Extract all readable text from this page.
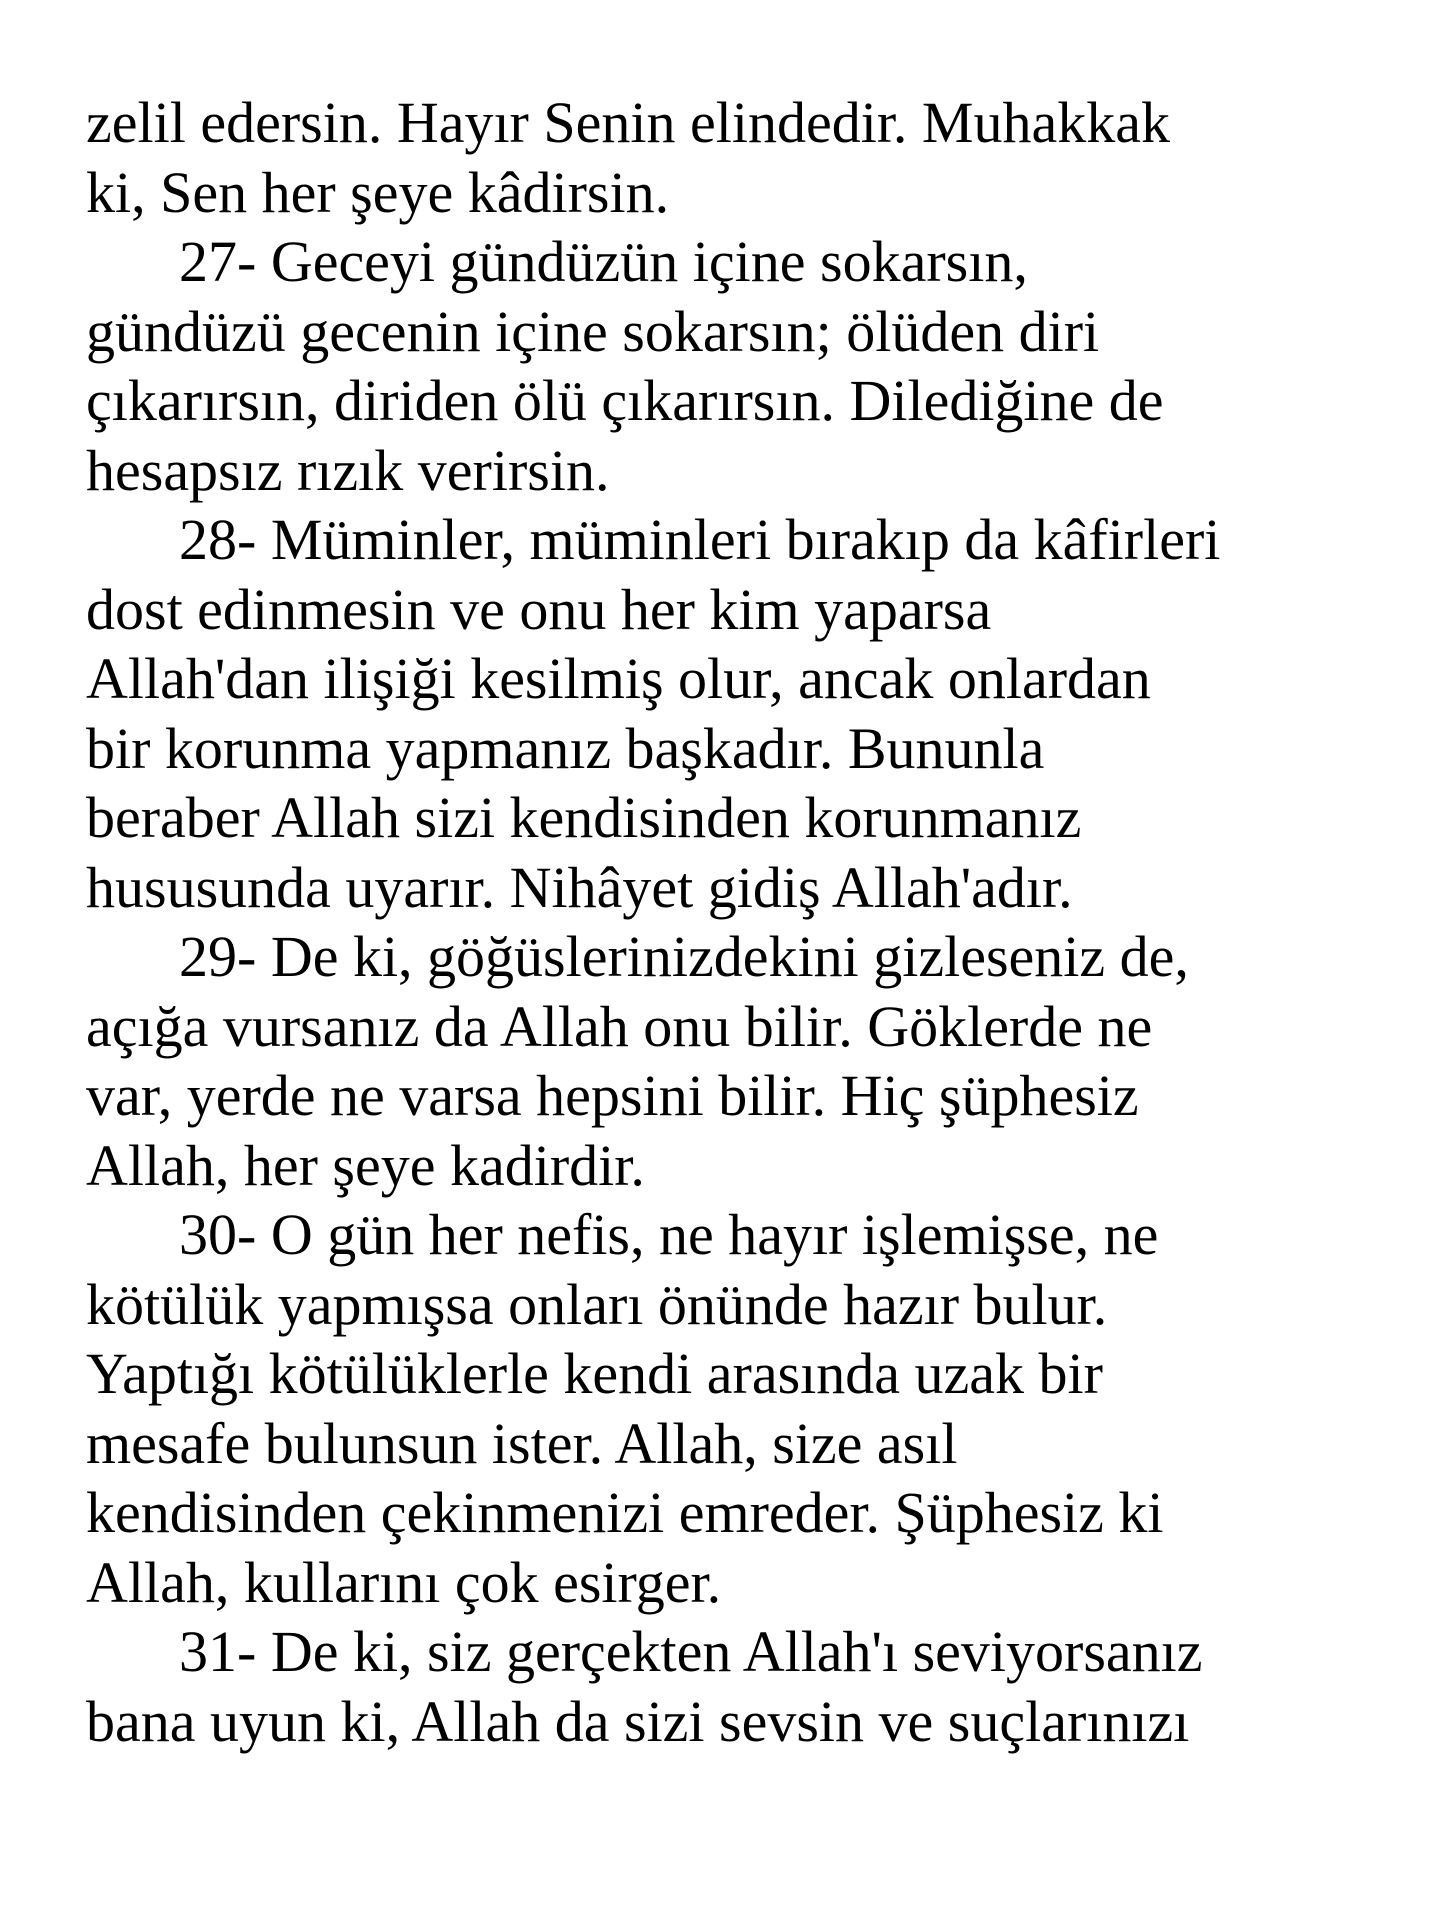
zelil edersin. Hayır Senin elindedir. Muhakkak
ki, Sen her şeye kâdirsin.

27- Geceyi gündüzün içine sokarsın,
gündüzü gecenin içine sokarsın; ölüden diri
çıkarırsın, diriden ölü çıkarırsın. Dilediğine de
hesapsız rızık verirsin.

28- Müminler, müminleri bırakıp da kâfirleri
dost edinmesin ve onu her kim yaparsa
Allah'dan ilişiği kesilmiş olur, ancak onlardan
bir korunma yapmanız başkadır. Bununla
beraber Allah sizi kendisinden korunmanız
hususunda uyarır. Nihâyet gidiş Allah'adır.

29- De ki, göğüslerinizdekini gizleseniz de,
açığa vursanız da Allah onu bilir. Göklerde ne
var, yerde ne varsa hepsini bilir. Hiç şüphesiz
Allah, her şeye kadirdir.

30- O gün her nefis, ne hayır işlemişse, ne
kötülük yapmışsa onları önünde hazır bulur.
Yaptığı kötülüklerle kendi arasında uzak bir
mesafe bulunsun ister. Allah, size asıl
kendisinden çekinmenizi emreder. Şüphesiz ki
Allah, kullarını çok esirger.

31- De ki, siz gerçekten Allah'ı seviyorsanız
bana uyun ki, Allah da sizi sevsin ve suçlarınızı
